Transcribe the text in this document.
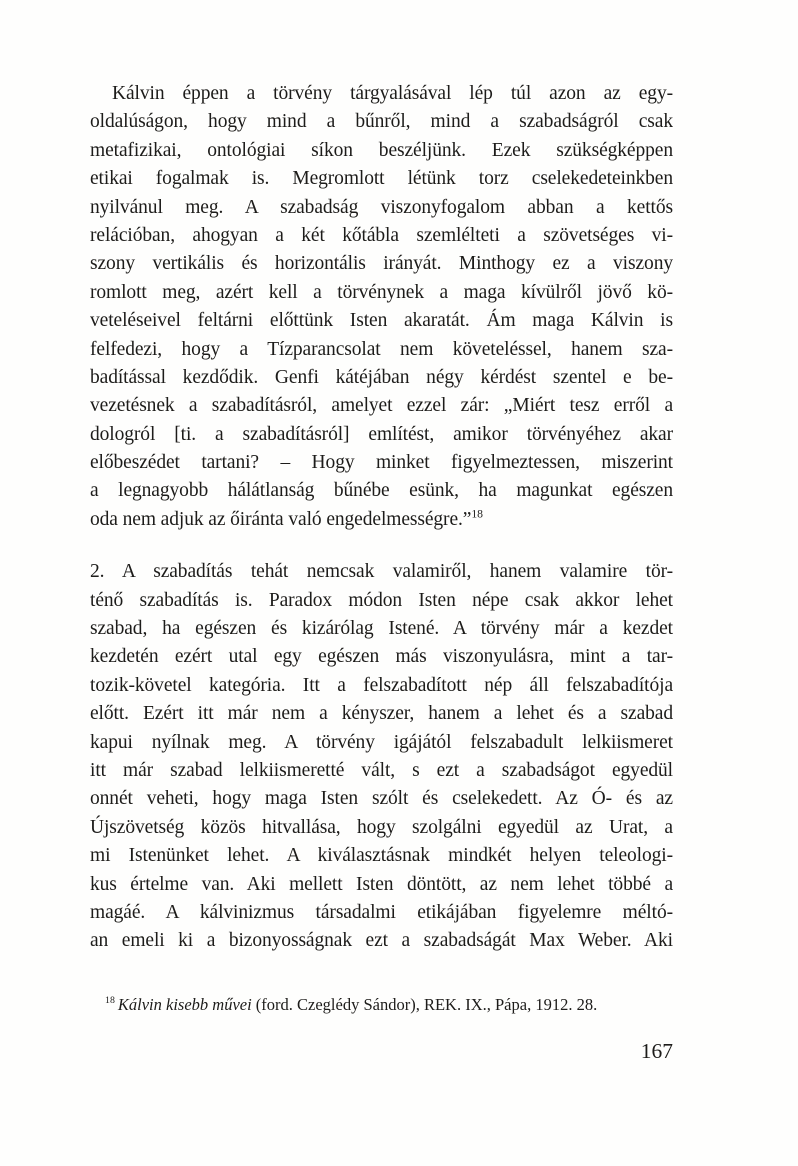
Kálvin éppen a törvény tárgyalásával lép túl azon az egy-
oldalúságon, hogy mind a bűnről, mind a szabadságról csak
metafizikai, ontológiai síkon beszéljünk. Ezek szükségképpen
etikai fogalmak is. Megromlott létünk torz cselekedeteinkben
nyilvánul meg. A szabadság viszonyfogalom abban a kettős
relációban, ahogyan a két kőtábla szemlélteti a szövetséges vi-
szony vertikális és horizontális irányát. Minthogy ez a viszony
romlott meg, azért kell a törvénynek a maga kívülről jövő kö-
veteléseivel feltárni előttünk Isten akaratát. Ám maga Kálvin is
felfedezi, hogy a Tízparancsolat nem követeléssel, hanem sza-
badítással kezdődik. Genfi kátéjában négy kérdést szentel e be-
vezetésnek a szabadításról, amelyet ezzel zár: „Miért tesz erről a
dologról [ti. a szabadításról] említést, amikor törvényéhez akar
előbeszédet tartani? – Hogy minket figyelmeztessen, miszerint
a legnagyobb hálátlanság bűnébe esünk, ha magunkat egészen
oda nem adjuk az őiránta való engedelmességre.”$^{18}$
2. A szabadítás tehát nemcsak valamiről, hanem valamire tör-
ténő szabadítás is. Paradox módon Isten népe csak akkor lehet
szabad, ha egészen és kizárólag Istené. A törvény már a kezdet
kezdetén ezért utal egy egészen más viszonyulásra, mint a tar-
tozik-követel kategória. Itt a felszabadított nép áll felszabadítója
előtt. Ezért itt már nem a kényszer, hanem a lehet és a szabad
kapui nyílnak meg. A törvény igájától felszabadult lelkiismeret
itt már szabad lelkiismeretté vált, s ezt a szabadságot egyedül
onnét veheti, hogy maga Isten szólt és cselekedett. Az Ó- és az
Újszövetség közös hitvallása, hogy szolgálni egyedül az Urat, a
mi Istenünket lehet. A kiválasztásnak mindkét helyen teleologi-
kus értelme van. Aki mellett Isten döntött, az nem lehet többé a
magáé. A kálvinizmus társadalmi etikájában figyelemre méltó-
an emeli ki a bizonyosságnak ezt a szabadságát Max Weber. Aki
$^{18}$ Kálvin kisebb művei (ford. Czeglédy Sándor), REK. IX., Pápa, 1912. 28.
167
